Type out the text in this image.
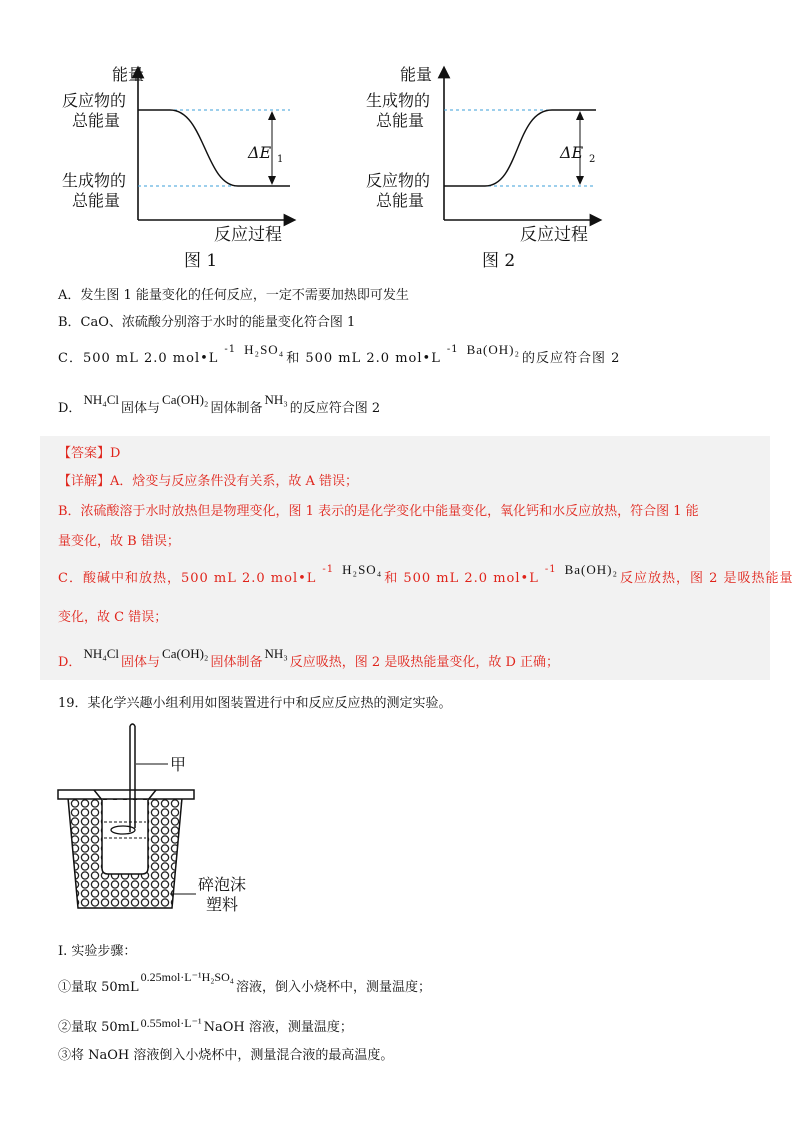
能量
反应物的
总能量
生成物的
总能量
ΔE 1
反应过程
图 1
能量
生成物的
总能量
反应物的
总能量
ΔE 2
反应过程
图 2
A．发生图 1 能量变化的任何反应，一定不需要加热即可发生
B．CaO、浓硫酸分别溶于水时的能量变化符合图 1
C．500 mL 2.0 $mol•L^{-1}$ H₂SO₄和 500 mL 2.0 $mol•L^{-1}$ Ba(OH)₂的反应符合图 2
D．NH₄Cl固体与Ca(OH)₂固体制备NH₃的反应符合图 2
【答案】D
【详解】A．焓变与反应条件没有关系，故 A 错误；
B．浓硫酸溶于水时放热但是物理变化，图 1 表示的是化学变化中能量变化，氧化钙和水反应放热，符合图 1 能
量变化，故 B 错误；
C．酸碱中和放热，500 mL 2.0 $mol•L^{-1}$ H₂SO₄和 500 mL 2.0 $mol•L^{-1}$ Ba(OH)₂反应放热，图 2 是吸热能量
变化，故 C 错误；
D．NH₄Cl固体与Ca(OH)₂固体制备NH₃反应吸热，图 2 是吸热能量变化，故 D 正确；
19．某化学兴趣小组利用如图装置进行中和反应反应热的测定实验。
甲
碎泡沫
塑料
I. 实验步骤：
①量取 50mL0.25mol·L⁻¹H₂SO₄溶液，倒入小烧杯中，测量温度；
②量取 50mL 0.55mol·L⁻¹ NaOH 溶液，测量温度；
③将 NaOH 溶液倒入小烧杯中，测量混合液的最高温度。
